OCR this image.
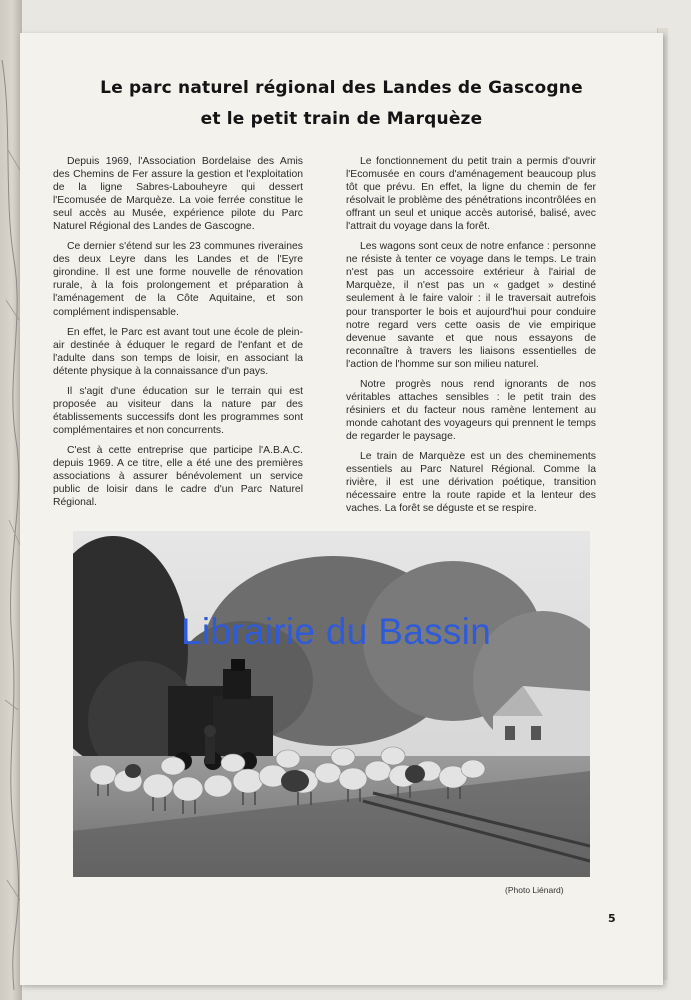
Le parc naturel régional des Landes de Gascogne
et le petit train de Marquèze

Depuis 1969, l'Association Bordelaise des Amis des Chemins de Fer assure la gestion et l'exploitation de la ligne Sabres-Labouheyre qui dessert l'Ecomusée de Marquèze. La voie ferrée constitue le seul accès au Musée, expérience pilote du Parc Naturel Régional des Landes de Gascogne.

Ce dernier s'étend sur les 23 communes riveraines des deux Leyre dans les Landes et de l'Eyre girondine. Il est une forme nouvelle de rénovation rurale, à la fois prolongement et préparation à l'aménagement de la Côte Aquitaine, et son complément indispensable.

En effet, le Parc est avant tout une école de plein-air destinée à éduquer le regard de l'enfant et de l'adulte dans son temps de loisir, en associant la détente physique à la connaissance d'un pays.

Il s'agit d'une éducation sur le terrain qui est proposée au visiteur dans la nature par des établissements successifs dont les programmes sont complémentaires et non concurrents.

C'est à cette entreprise que participe l'A.B.A.C. depuis 1969. A ce titre, elle a été une des premières associations à assurer bénévolement un service public de loisir dans le cadre d'un Parc Naturel Régional.

Le fonctionnement du petit train a permis d'ouvrir l'Ecomusée en cours d'aménagement beaucoup plus tôt que prévu. En effet, la ligne du chemin de fer résolvait le problème des pénétrations incontrôlées en offrant un seul et unique accès autorisé, balisé, avec l'attrait du voyage dans la forêt.

Les wagons sont ceux de notre enfance : personne ne résiste à tenter ce voyage dans le temps. Le train n'est pas un accessoire extérieur à l'airial de Marquèze, il n'est pas un « gadget » destiné seulement à le faire valoir : il le traversait autrefois pour transporter le bois et aujourd'hui pour conduire notre regard vers cette oasis de vie empirique devenue savante et que nous essayons de reconnaître à travers les liaisons essentielles de l'action de l'homme sur son milieu naturel.

Notre progrès nous rend ignorants de nos véritables attaches sensibles : le petit train des résiniers et du facteur nous ramène lentement au monde cahotant des voyageurs qui prennent le temps de regarder le paysage.

Le train de Marquèze est un des cheminements essentiels au Parc Naturel Régional. Comme la rivière, il est une dérivation poétique, transition nécessaire entre la route rapide et la lenteur des vaches. La forêt se déguste et se respire.

Librairie du Bassin
(Photo Liénard)
5
